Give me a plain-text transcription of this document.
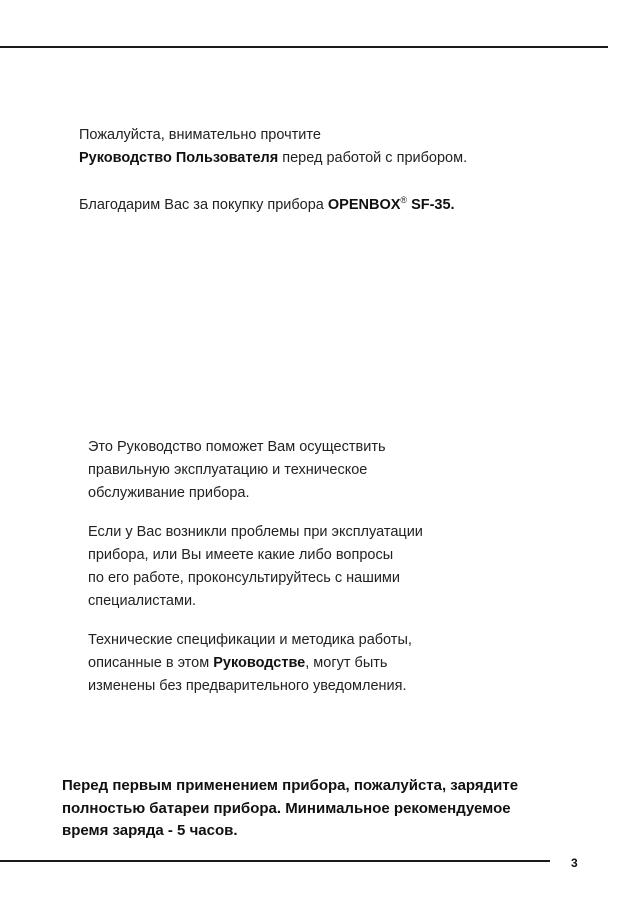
Пожалуйста, внимательно прочтите
Руководство Пользователя перед работой с прибором.
Благодарим Вас за покупку прибора OPENBOX® SF-35.

Это Руководство поможет Вам осуществить
правильную эксплуатацию и техническое
обслуживание прибора.

Если у Вас возникли проблемы при эксплуатации
прибора, или Вы имеете какие либо вопросы
по его работе, проконсультируйтесь с нашими
специалистами.

Технические спецификации и методика работы,
описанные в этом Руководстве, могут быть
изменены без предварительного уведомления.

Перед первым применением прибора, пожалуйста, зарядите
полностью батареи прибора. Минимальное рекомендуемое
время заряда - 5 часов.
3
